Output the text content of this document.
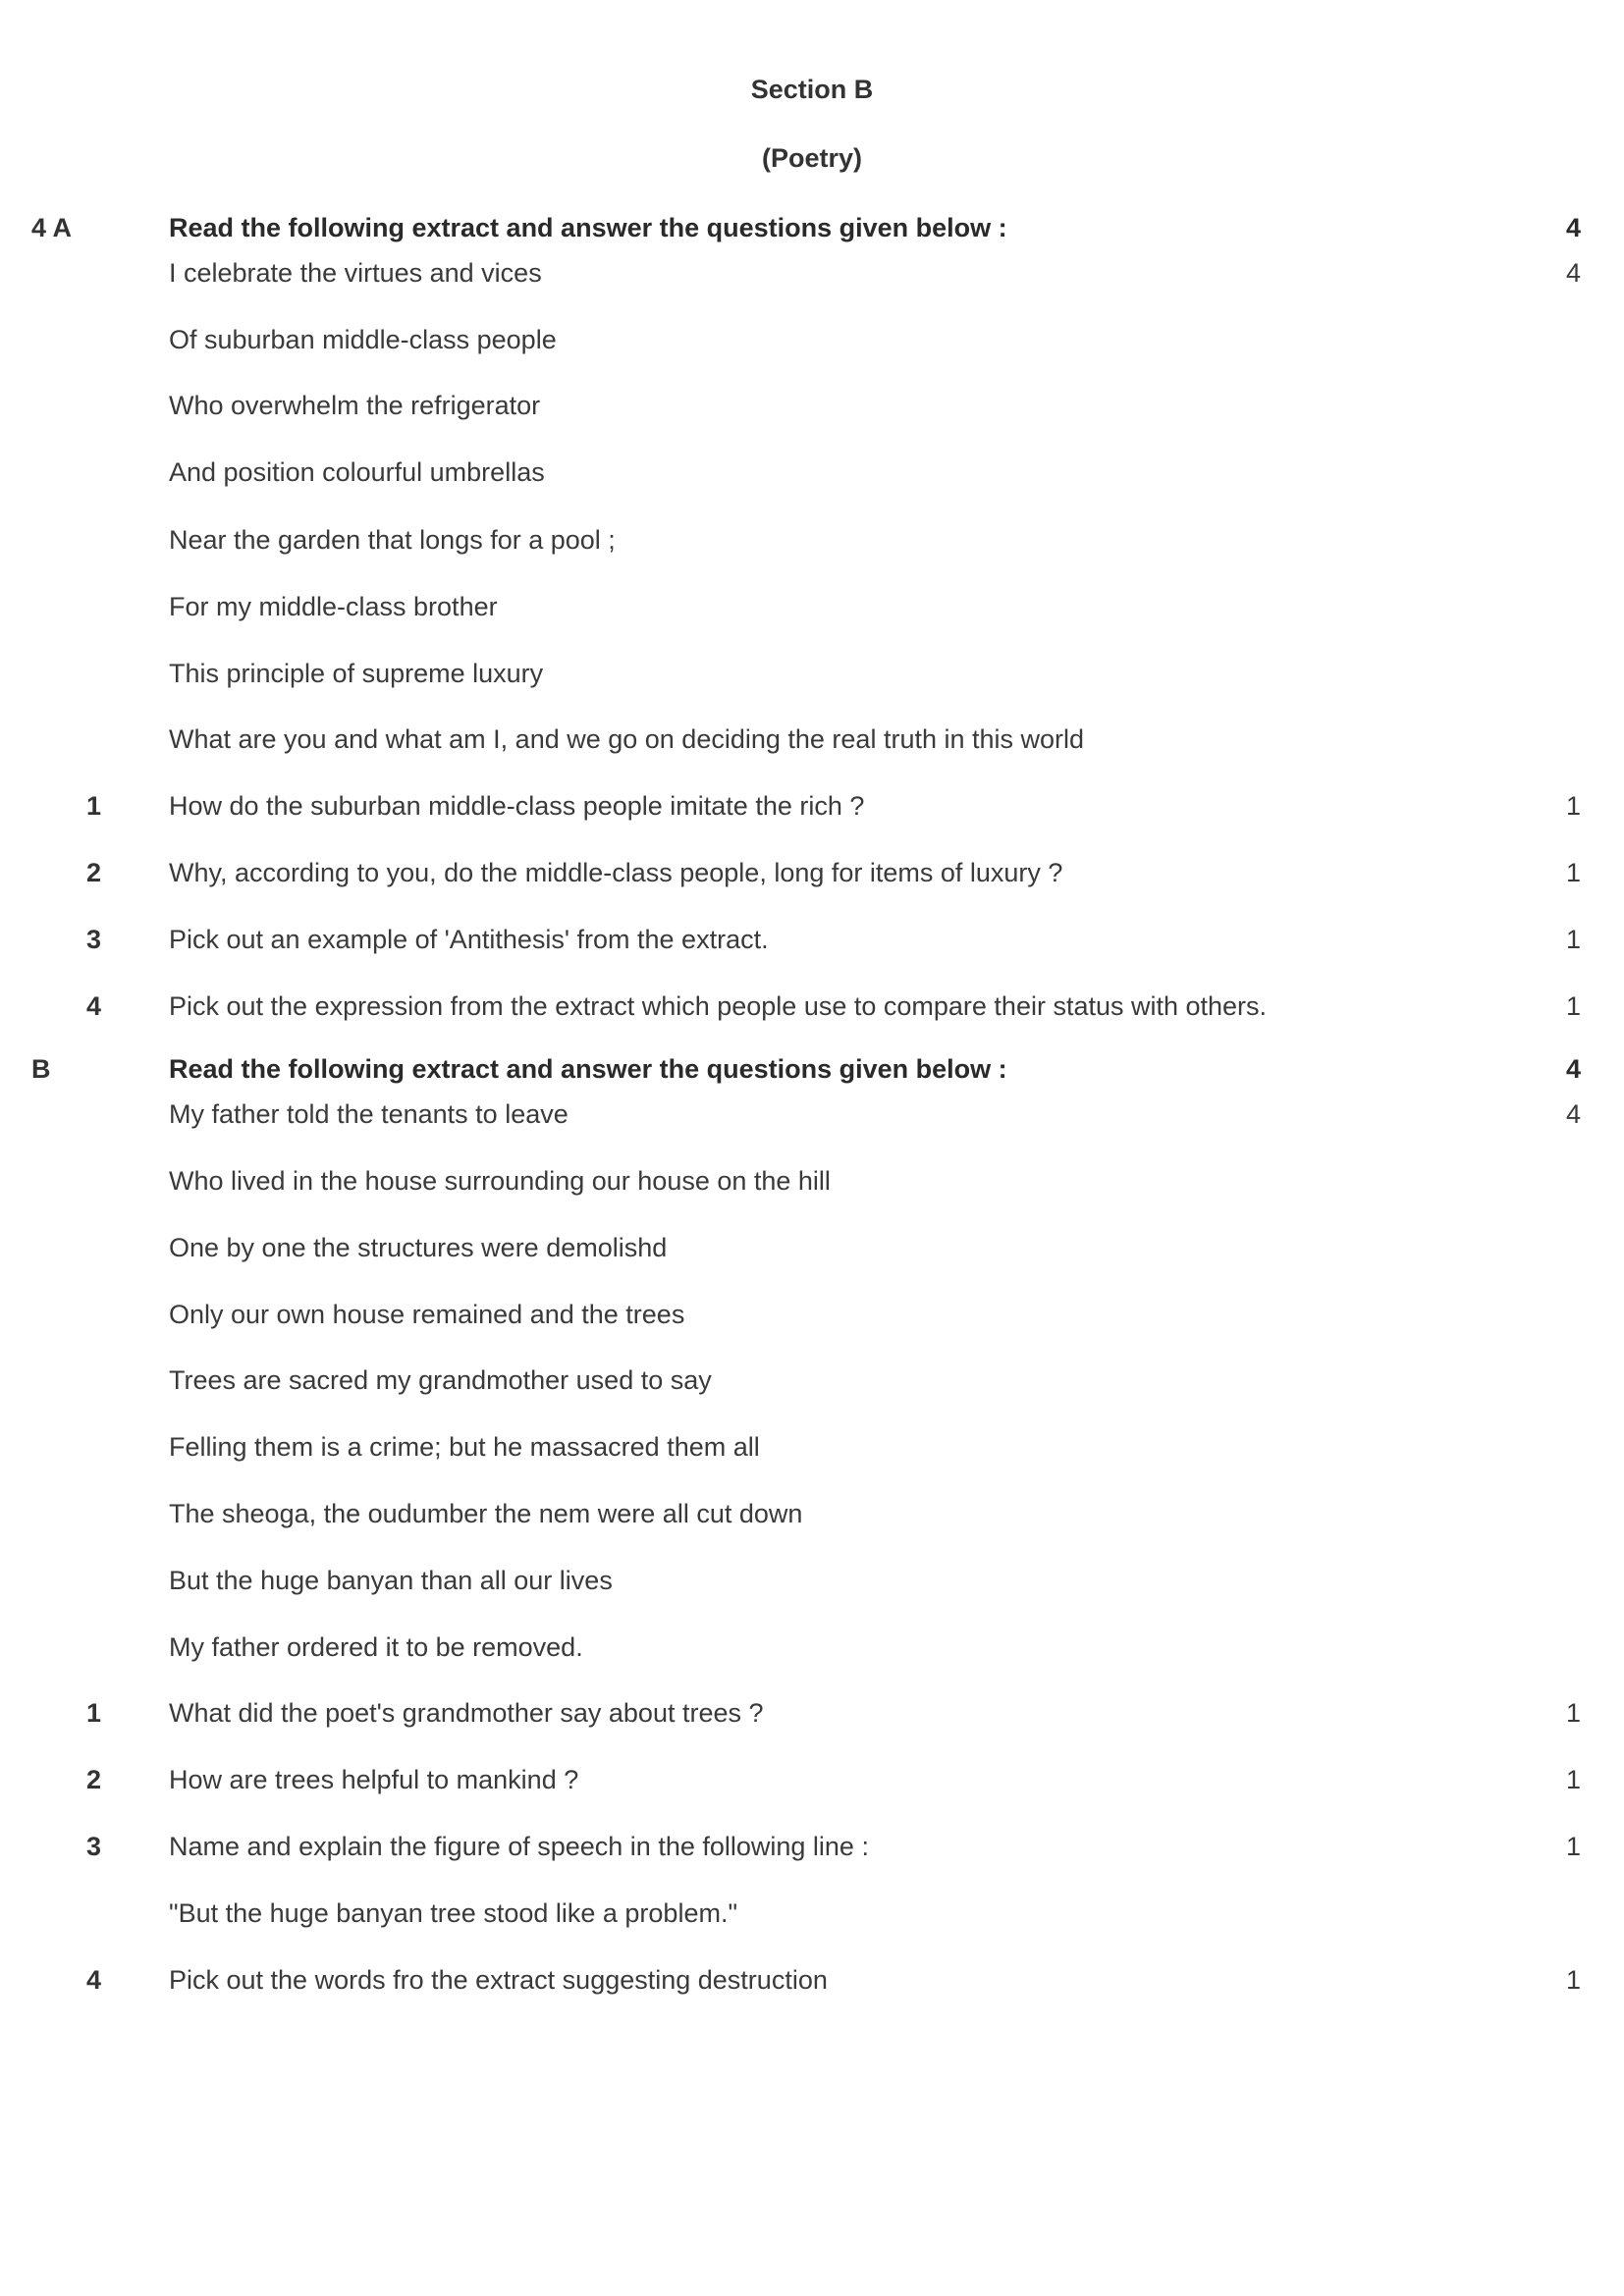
Section B
(Poetry)
4 A	Read the following extract and answer the questions given below :	4
I celebrate the virtues and vices	4
Of suburban middle-class people
Who overwhelm the refrigerator
And position colourful umbrellas
Near the garden that longs for a pool ;
For my middle-class brother
This principle of supreme luxury
What are you and what am I, and we go on deciding the real truth in this world
1	How do the suburban middle-class people imitate the rich ?	1
2	Why, according to you, do the middle-class people, long for items of luxury ?	1
3	Pick out an example of 'Antithesis' from the extract.	1
4	Pick out the expression from the extract which people use to compare their status with others.	1
B	Read the following extract and answer the questions given below :	4
My father told the tenants to leave	4
Who lived in the house surrounding our house on the hill
One by one the structures were demolishd
Only our own house remained and the trees
Trees are sacred my grandmother used to say
Felling them is a crime; but he massacred them all
The sheoga, the oudumber the nem were all cut down
But the huge banyan than all our lives
My father ordered it to be removed.
1	What did the poet's grandmother say about trees ?	1
2	How are trees helpful to mankind ?	1
3	Name and explain the figure of speech in the following line :	1
"But the huge banyan tree stood like a problem."
4	Pick out the words fro the extract suggesting destruction	1
